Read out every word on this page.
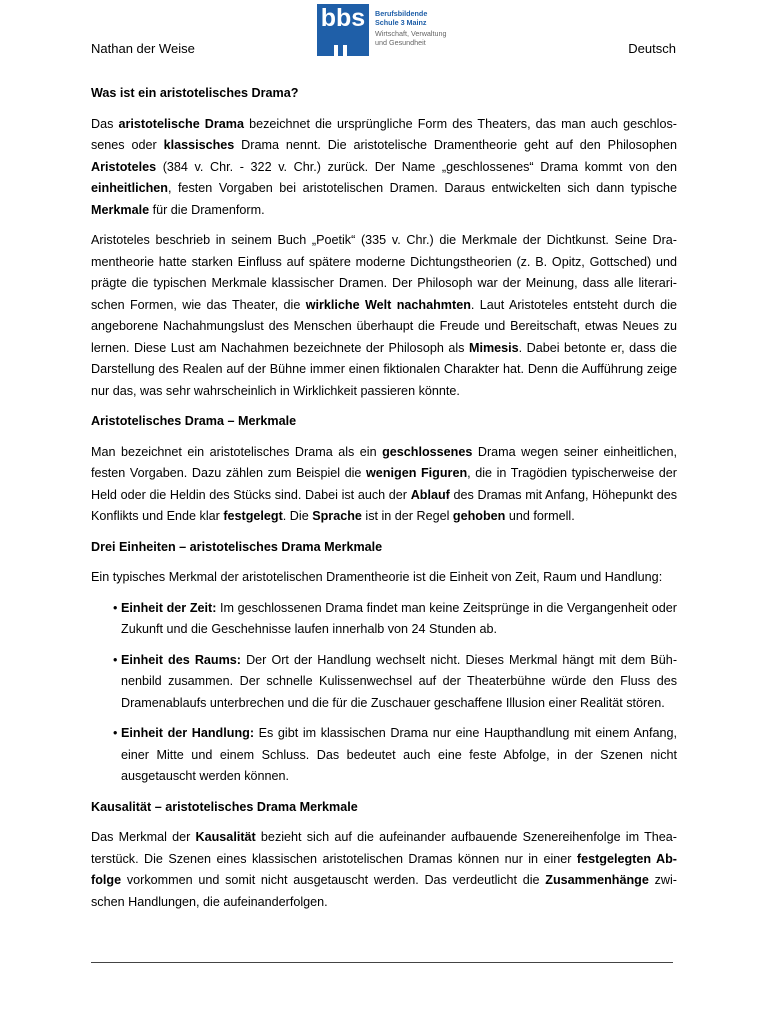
Nathan der Weise	Deutsch
bbs	Berufsbildende
Schule 3 Mainz
Wirtschaft, Verwaltung
und Gesundheit
Was ist ein aristotelisches Drama?

Das aristotelische Drama bezeichnet die ursprüngliche Form des Theaters, das man auch geschlossenes oder klassisches Drama nennt. Die aristotelische Dramentheorie geht auf den Philosophen Aristoteles (384 v. Chr. - 322 v. Chr.) zurück. Der Name „geschlossenes“ Drama kommt von den einheitlichen, festen Vorgaben bei aristotelischen Dramen. Daraus entwickelten sich dann typische Merkmale für die Dramenform.

Aristoteles beschrieb in seinem Buch „Poetik“ (335 v. Chr.) die Merkmale der Dichtkunst. Seine Dramentheorie hatte starken Einfluss auf spätere moderne Dichtungstheorien (z. B. Opitz, Gottsched) und prägte die typischen Merkmale klassischer Dramen. Der Philosoph war der Meinung, dass alle literarischen Formen, wie das Theater, die wirkliche Welt nachahmten. Laut Aristoteles entsteht durch die angeborene Nachahmungslust des Menschen überhaupt die Freude und Bereitschaft, etwas Neues zu lernen. Diese Lust am Nachahmen bezeichnete der Philosoph als Mimesis. Dabei betonte er, dass die Darstellung des Realen auf der Bühne immer einen fiktionalen Charakter hat. Denn die Aufführung zeige nur das, was sehr wahrscheinlich in Wirklichkeit passieren könnte.

Aristotelisches Drama – Merkmale

Man bezeichnet ein aristotelisches Drama als ein geschlossenes Drama wegen seiner einheitlichen, festen Vorgaben. Dazu zählen zum Beispiel die wenigen Figuren, die in Tragödien typischerweise der Held oder die Heldin des Stücks sind. Dabei ist auch der Ablauf des Dramas mit Anfang, Höhepunkt des Konflikts und Ende klar festgelegt. Die Sprache ist in der Regel gehoben und formell.

Drei Einheiten – aristotelisches Drama Merkmale

Ein typisches Merkmal der aristotelischen Dramentheorie ist die Einheit von Zeit, Raum und Handlung:

• Einheit der Zeit: Im geschlossenen Drama findet man keine Zeitsprünge in die Vergangenheit oder Zukunft und die Geschehnisse laufen innerhalb von 24 Stunden ab.
• Einheit des Raums: Der Ort der Handlung wechselt nicht. Dieses Merkmal hängt mit dem Bühnenbild zusammen. Der schnelle Kulissenwechsel auf der Theaterbühne würde den Fluss des Dramenablaufs unterbrechen und die für die Zuschauer geschaffene Illusion einer Realität stören.
• Einheit der Handlung: Es gibt im klassischen Drama nur eine Haupthandlung mit einem Anfang, einer Mitte und einem Schluss. Das bedeutet auch eine feste Abfolge, in der Szenen nicht ausgetauscht werden können.
Kausalität – aristotelisches Drama Merkmale

Das Merkmal der Kausalität bezieht sich auf die aufeinander aufbauende Szenereihenfolge im Theaterstück. Die Szenen eines klassischen aristotelischen Dramas können nur in einer festgelegten Abfolge vorkommen und somit nicht ausgetauscht werden. Das verdeutlicht die Zusammenhänge zwischen Handlungen, die aufeinanderfolgen.
